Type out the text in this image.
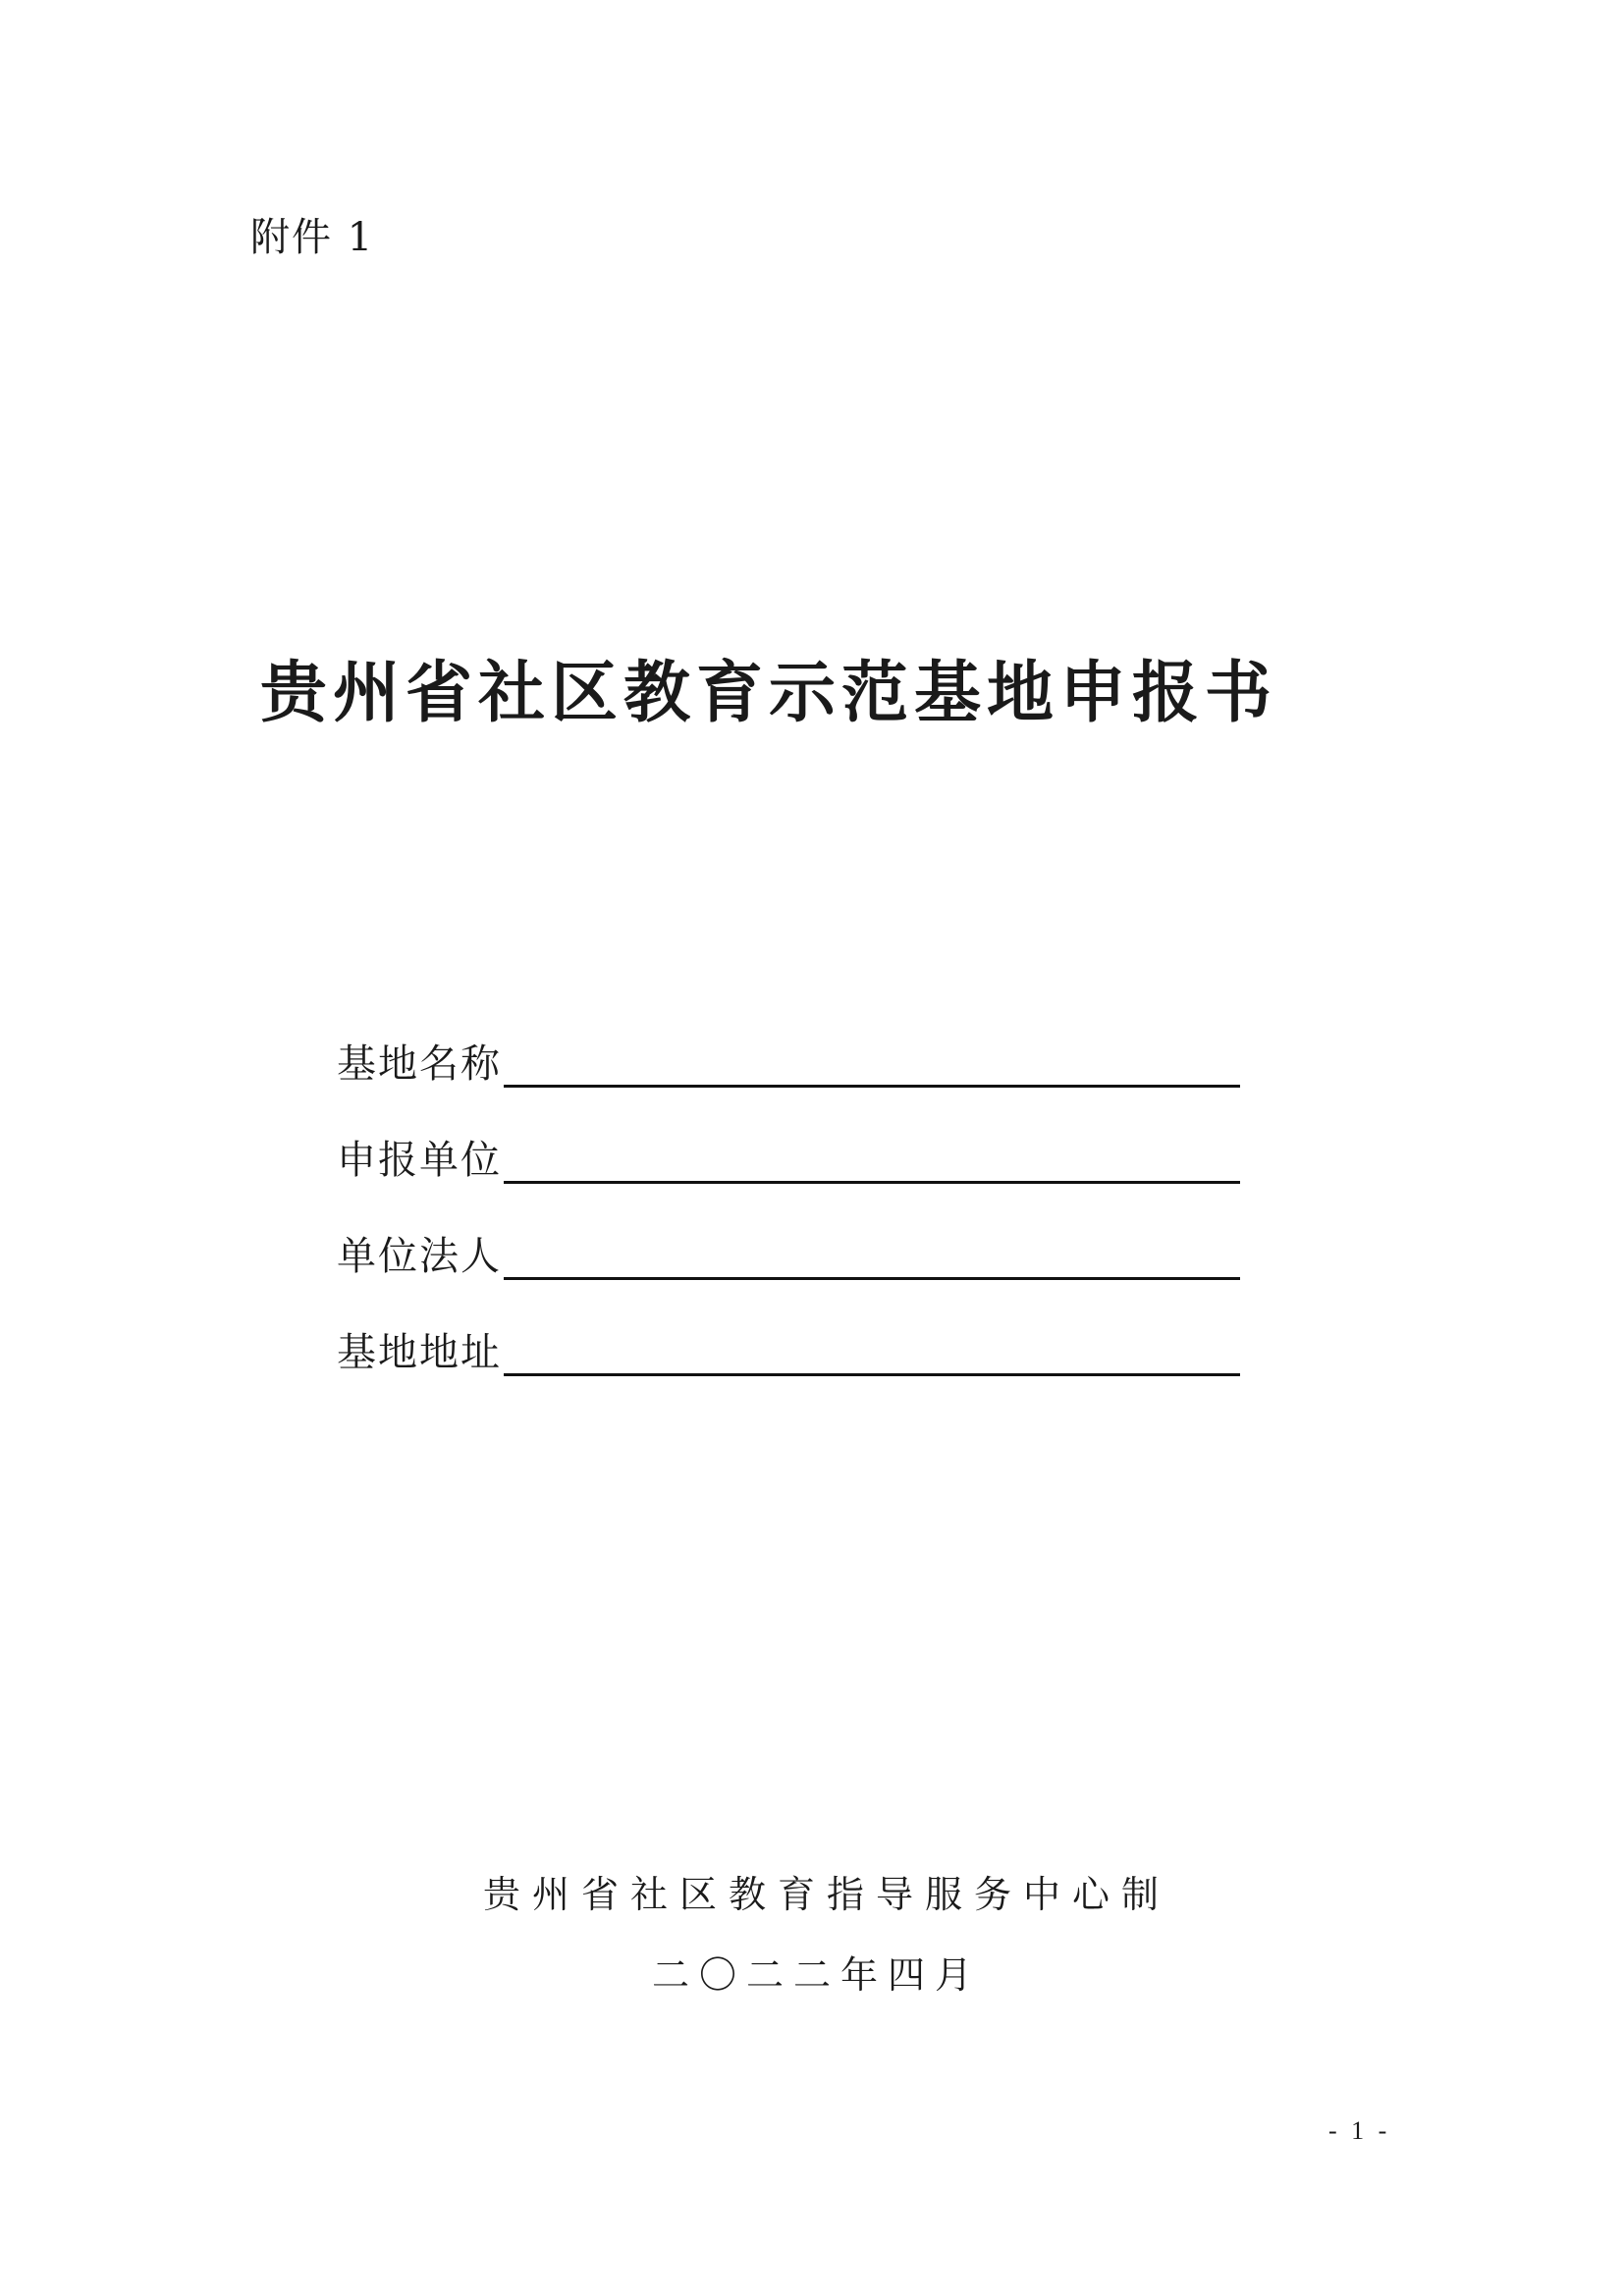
附件 1
贵州省社区教育示范基地申报书
基地名称
申报单位
单位法人
基地地址
贵州省社区教育指导服务中心制
二〇二二年四月
- 1 -
